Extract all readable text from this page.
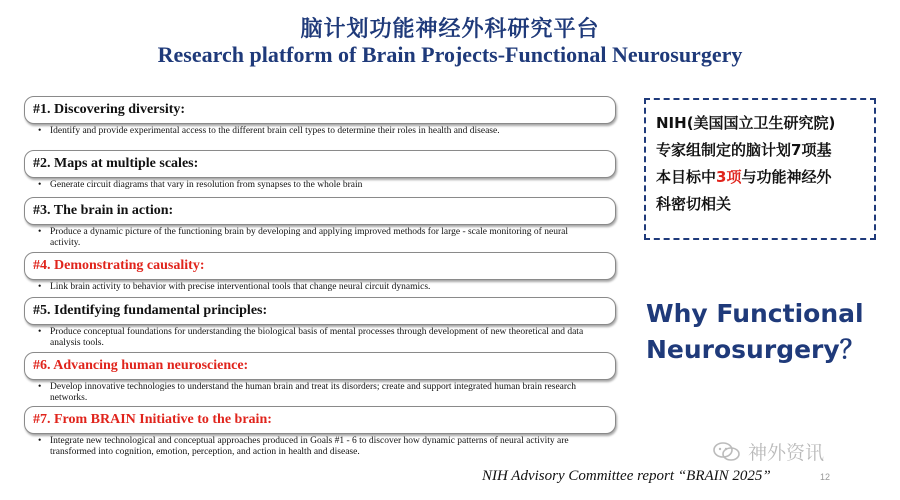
脑计划功能神经外科研究平台
Research platform of Brain Projects-Functional Neurosurgery
#1. Discovering diversity:
• Identify and provide experimental access to the different brain cell types to determine their roles in health and disease.
#2. Maps at multiple scales:
• Generate circuit diagrams that vary in resolution from synapses to the whole brain
#3. The brain in action:
• Produce a dynamic picture of the functioning brain by developing and applying improved methods for large ‐ scale monitoring of neural activity.
#4. Demonstrating causality:
• Link brain activity to behavior with precise interventional tools that change neural circuit dynamics.
#5. Identifying fundamental principles:
• Produce conceptual foundations for understanding the biological basis of mental processes through development of new theoretical and data analysis tools.
#6. Advancing human neuroscience:
• Develop innovative technologies to understand the human brain and treat its disorders; create and support integrated human brain research networks.
#7. From BRAIN Initiative to the brain:
• Integrate new technological and conceptual approaches produced in Goals #1 ‐ 6 to discover how dynamic patterns of neural activity are transformed into cognition, emotion, perception, and action in health and disease.
NIH(美国国立卫生研究院)
专家组制定的脑计划7项基
本目标中3项与功能神经外
科密切相关
Why Functional
Neurosurgery？
神外资讯
NIH Advisory Committee report “BRAIN 2025”	12
